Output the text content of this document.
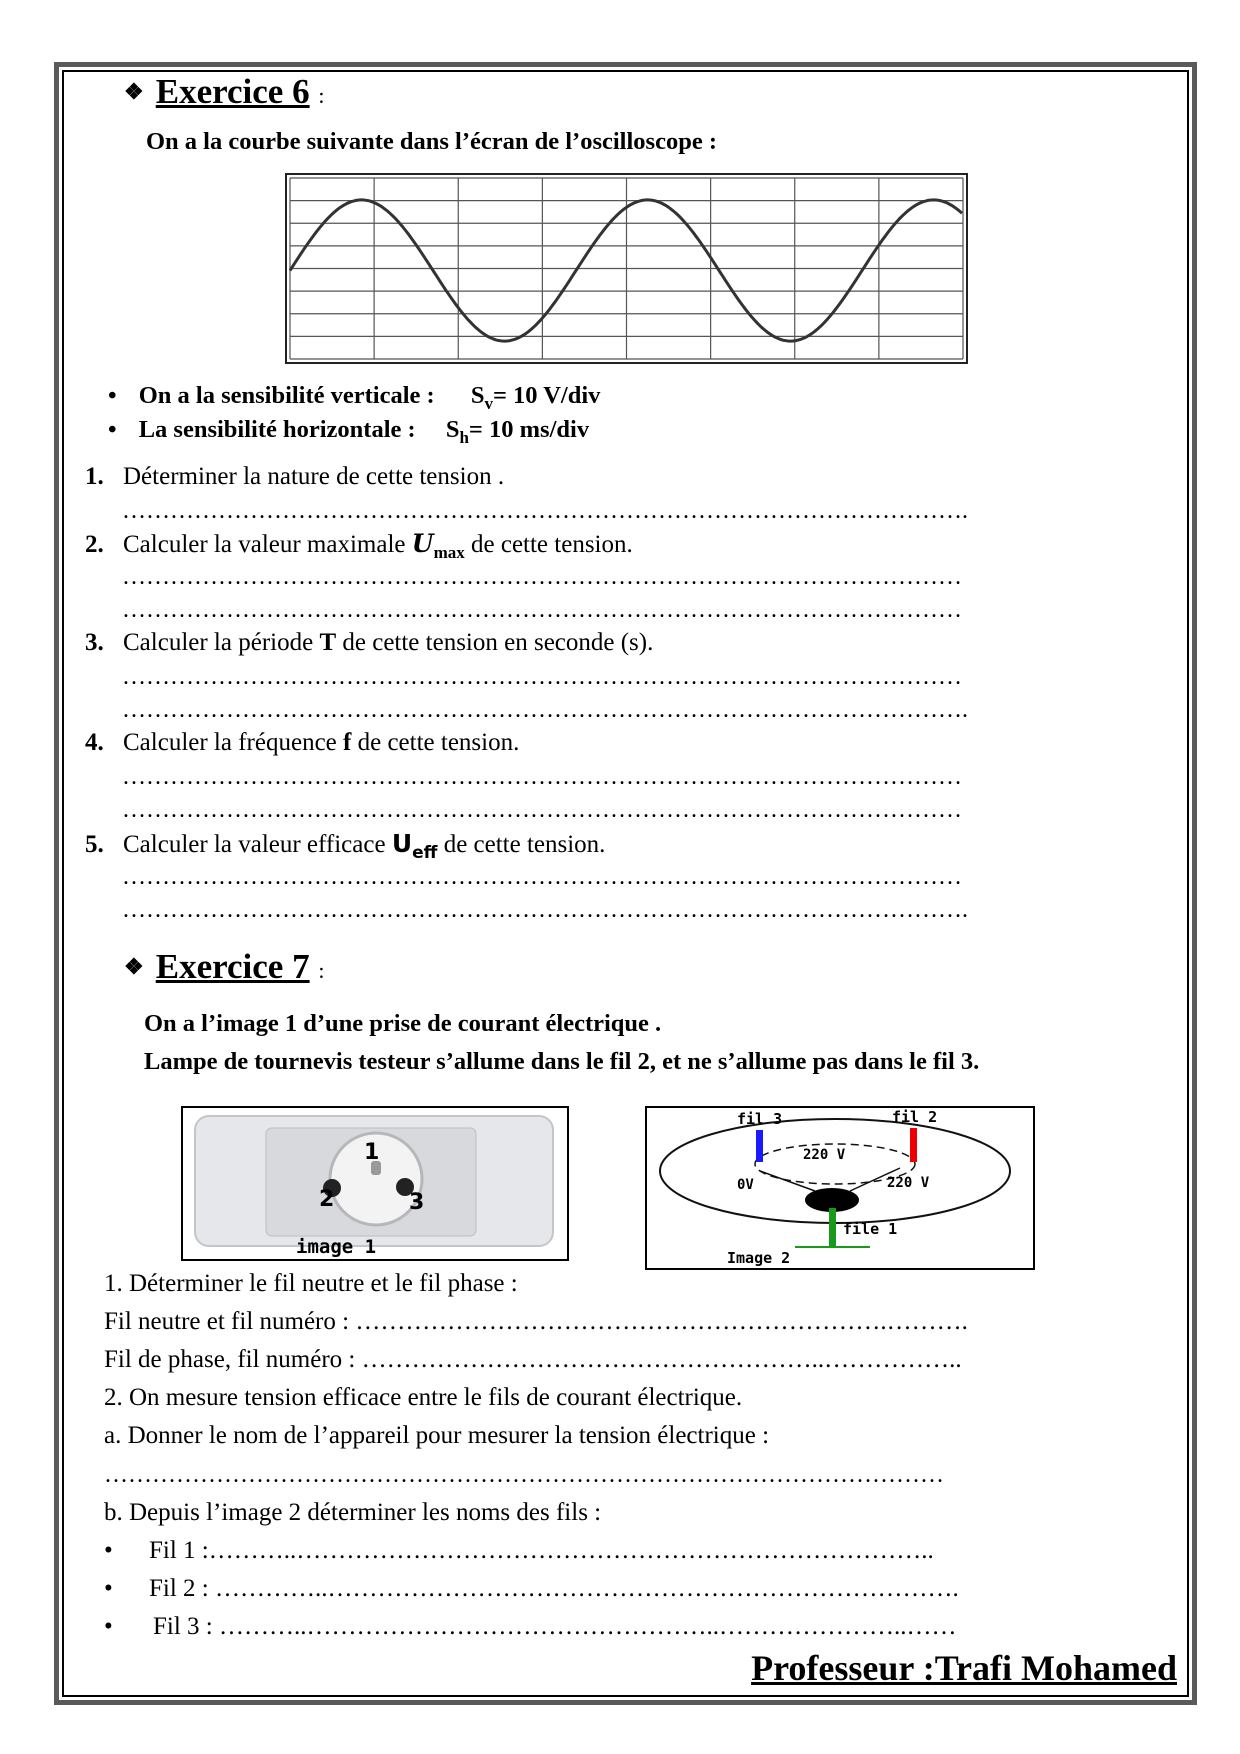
❖ Exercice 6 :
On a la courbe suivante dans l’écran de l’oscilloscope :
• On a la sensibilité verticale : $S_v= 10$ V/div
• La sensibilité horizontale : $S_h= 10$ ms/div
1. Déterminer la nature de cette tension .
…………………………………………………………………………………………….
2. Calculer la valeur maximale $U_{max}$ de cette tension.
……………………………………………………………………………………………
……………………………………………………………………………………………
3. Calculer la période T de cette tension en seconde (s).
……………………………………………………………………………………………
…………………………………………………………………………………………….
4. Calculer la fréquence f de cette tension.
……………………………………………………………………………………………
……………………………………………………………………………………………
5. Calculer la valeur efficace $U_{eff}$ de cette tension.
……………………………………………………………………………………………
…………………………………………………………………………………………….
❖ Exercice 7 :
On a l’image 1 d’une prise de courant électrique .
Lampe de tournevis testeur s’allume dans le fil 2, et ne s’allume pas dans le fil 3.
1
2	3
image 1
fil 3	fil 2
220 V
0V	220 V
file 1
Image 2
1. Déterminer le fil neutre et le fil phase :
Fil neutre et fil numéro : ……………………………………………………….……….
Fil de phase, fil numéro : ………………………………………………..……………..
2. On mesure tension efficace entre le fils de courant électrique.
a. Donner le nom de l’appareil pour mesurer la tension électrique :
……………………………………………………………………………………………
b. Depuis l’image 2 déterminer les noms des fils :
• Fil 1 :………..…………………………………………………………………..
• Fil 2 : …………..………………………………………………………………….
• Fil 3 : ………..…………………………………………..…………………..……
Professeur :Trafi Mohamed
